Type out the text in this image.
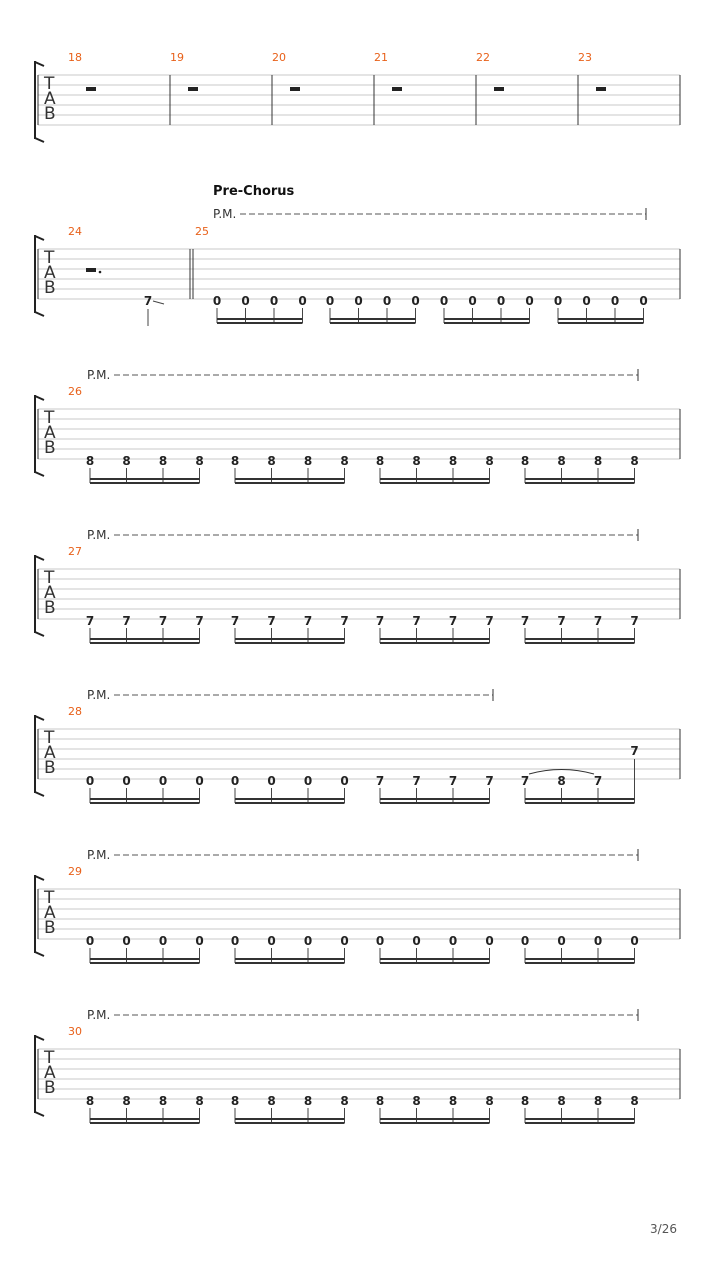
T
A
B
18	19	20	21	22	23
T
A
B
24	25
7
Pre-Chorus
P.M.
0 0 0 0 0 0 0 0 0 0 0 0 0 0 0 0
T
A
B
26
P.M.
8 8 8 8 8 8 8 8 8 8 8 8 8 8 8 8
T
A
B
27
P.M.
7 7 7 7 7 7 7 7 7 7 7 7 7 7 7 7
T
A
B
28
P.M.
0 0 0 0 0 0 0 0 7 7 7 7 7 8 7
7
T
A
B
29
P.M.
0 0 0 0 0 0 0 0 0 0 0 0 0 0 0 0
T
A
B
30
P.M.
8 8 8 8 8 8 8 8 8 8 8 8 8 8 8 8
3/26
